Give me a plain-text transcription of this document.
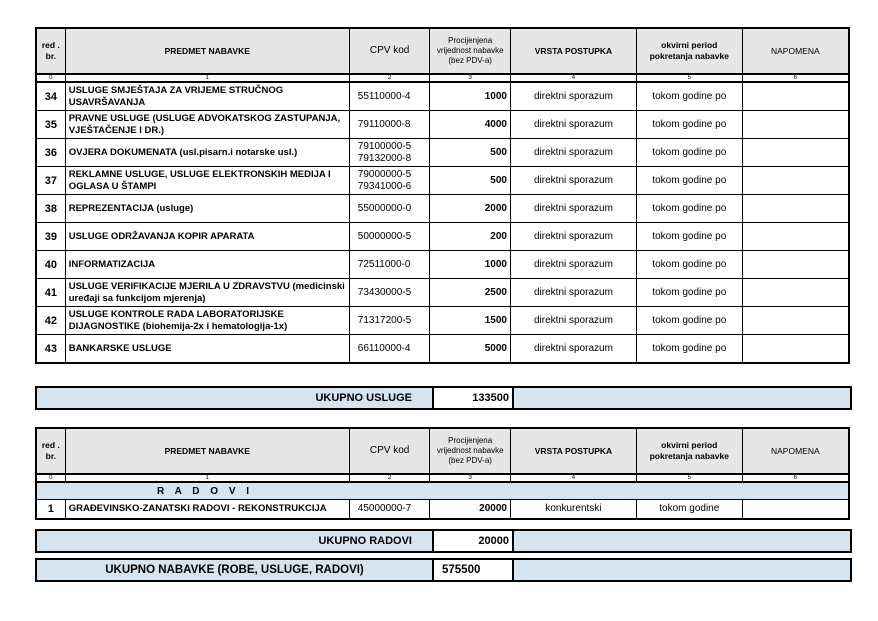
red . br.	PREDMET NABAVKE	CPV kod	Procijenjena vrijednost nabavke (bez PDV-a)	VRSTA POSTUPKA	okvirni period pokretanja nabavke	NAPOMENA
0	1	2	3	4	5	6
34	USLUGE SMJEŠTAJA ZA VRIJEME STRUČNOG USAVRŠAVANJA	55110000-4	1000	direktni sporazum	tokom godine po	

35	PRAVNE USLUGE (USLUGE ADVOKATSKOG ZASTUPANJA, VJEŠTAČENJE I DR.)	79110000-8	4000	direktni sporazum	tokom godine po	

36	OVJERA DOKUMENATA (usl.pisarn.i notarske usl.)	79100000-5 79132000-8	500	direktni sporazum	tokom godine po	

37	REKLAMNE USLUGE, USLUGE ELEKTRONSKIH MEDIJA I OGLASA U ŠTAMPI	79000000-5 79341000-6	500	direktni sporazum	tokom godine po	

38	REPREZENTACIJA (usluge)	55000000-0	2000	direktni sporazum	tokom godine po	

39	USLUGE ODRŽAVANJA KOPIR APARATA	50000000-5	200	direktni sporazum	tokom godine po	

40	INFORMATIZACIJA	72511000-0	1000	direktni sporazum	tokom godine po	

41	USLUGE VERIFIKACIJE MJERILA U ZDRAVSTVU (medicinski uređaji sa funkcijom mjerenja)	73430000-5	2500	direktni sporazum	tokom godine po	

42	USLUGE KONTROLE RADA LABORATORIJSKE DIJAGNOSTIKE (biohemija-2x i hematologija-1x)	71317200-5	1500	direktni sporazum	tokom godine po	

43	BANKARSKE USLUGE	66110000-4	5000	direktni sporazum	tokom godine po	

UKUPNO USLUGE	133500	
red . br.	PREDMET NABAVKE	CPV kod	Procijenjena vrijednost nabavke (bez PDV-a)	VRSTA POSTUPKA	okvirni period pokretanja nabavke	NAPOMENA
0	1	2	3	4	5	6
R A D O V I						
1	GRAĐEVINSKO-ZANATSKI RADOVI - REKONSTRUKCIJA	45000000-7	20000	konkurentski	tokom godine	

UKUPNO RADOVI	20000	
UKUPNO NABAVKE (ROBE, USLUGE, RADOVI)	575500	
